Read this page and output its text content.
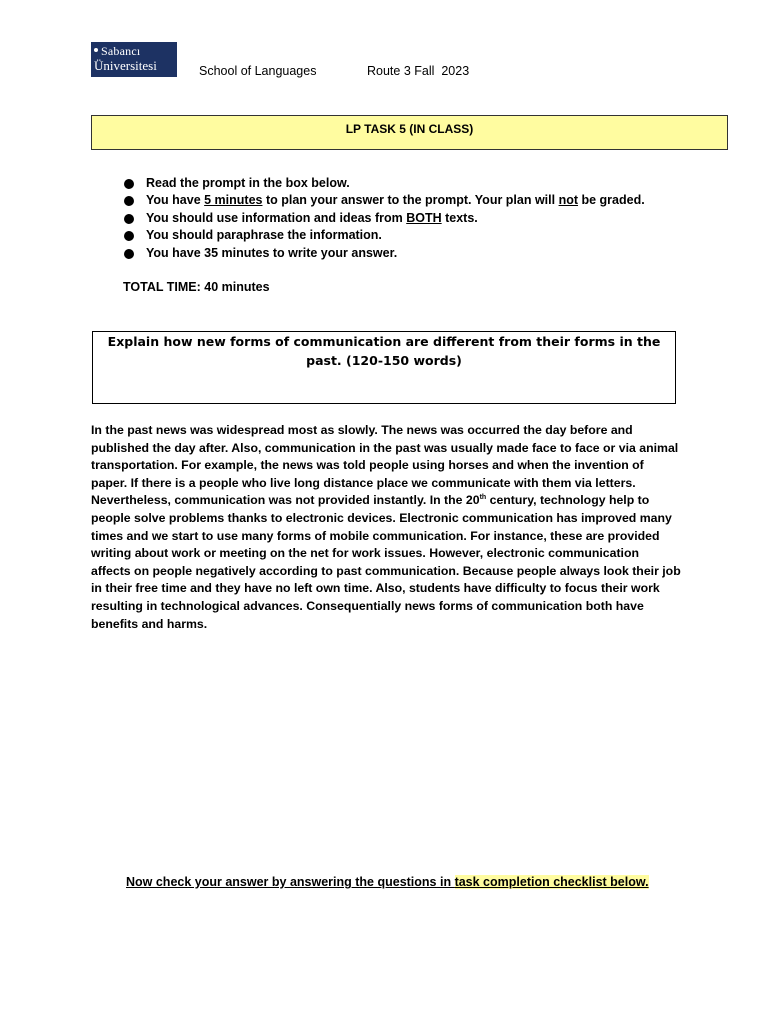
Sabancı
Üniversitesi	School of Languages	Route 3 Fall  2023
LP TASK 5 (IN CLASS)
Read the prompt in the box below.
You have 5 minutes to plan your answer to the prompt. Your plan will not be graded.
You should use information and ideas from BOTH texts.
You should paraphrase the information.
You have 35 minutes to write your answer.
TOTAL TIME: 40 minutes
Explain how new forms of communication are different from their forms in the past. (120-150 words)
In the past news was widespread most as slowly. The news was occurred the day before and published the day after. Also, communication in the past was usually made face to face or via animal transportation. For example, the news was told people using horses and when the invention of paper. If there is a people who live long distance place we communicate with them via letters. Nevertheless, communication was not provided instantly. In the 20th century, technology help to people solve problems thanks to electronic devices. Electronic communication has improved many times and we start to use many forms of mobile communication. For instance, these are provided writing about work or meeting on the net for work issues. However, electronic communication affects on people negatively according to past communication. Because people always look their job in their free time and they have no left own time. Also, students have difficulty to focus their work resulting in technological advances. Consequentially news forms of communication both have benefits and harms.
Now check your answer by answering the questions in task completion checklist below.
